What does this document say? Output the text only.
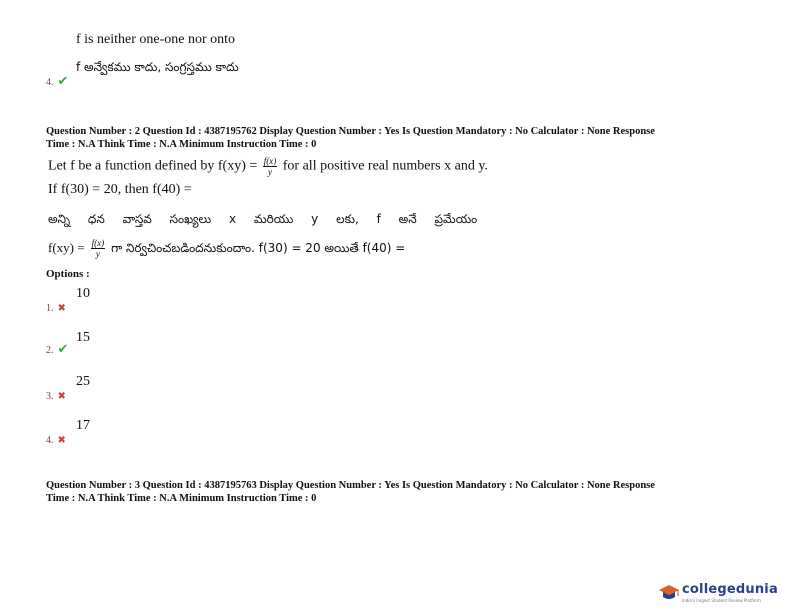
f is neither one-one nor onto
f అన్వేకము కాదు, సంగ్రస్తము కాదు
4. ✔
Question Number : 2 Question Id : 4387195762 Display Question Number : Yes Is Question Mandatory : No Calculator : None Response
Time : N.A Think Time : N.A Minimum Instruction Time : 0
Let f be a function defined by $f(xy) = \frac{f(x)}{y}$ for all positive real numbers x and y.
If f(30) = 20, then f(40) =
అన్ని ధన వాస్తవ సంఖ్యలు x మరియు y లకు, f అనే ప్రమేయం
$f(xy) = \frac{f(x)}{y}$ గా నిర్వచించబడిందనుకుందాం. f(30) = 20 అయితే f(40) =
Options :
10
1. ✖
15
2. ✔
25
3. ✖
17
4. ✖
Question Number : 3 Question Id : 4387195763 Display Question Number : Yes Is Question Mandatory : No Calculator : None Response
Time : N.A Think Time : N.A Minimum Instruction Time : 0
collegedunia
India's largest Student Review Platform
